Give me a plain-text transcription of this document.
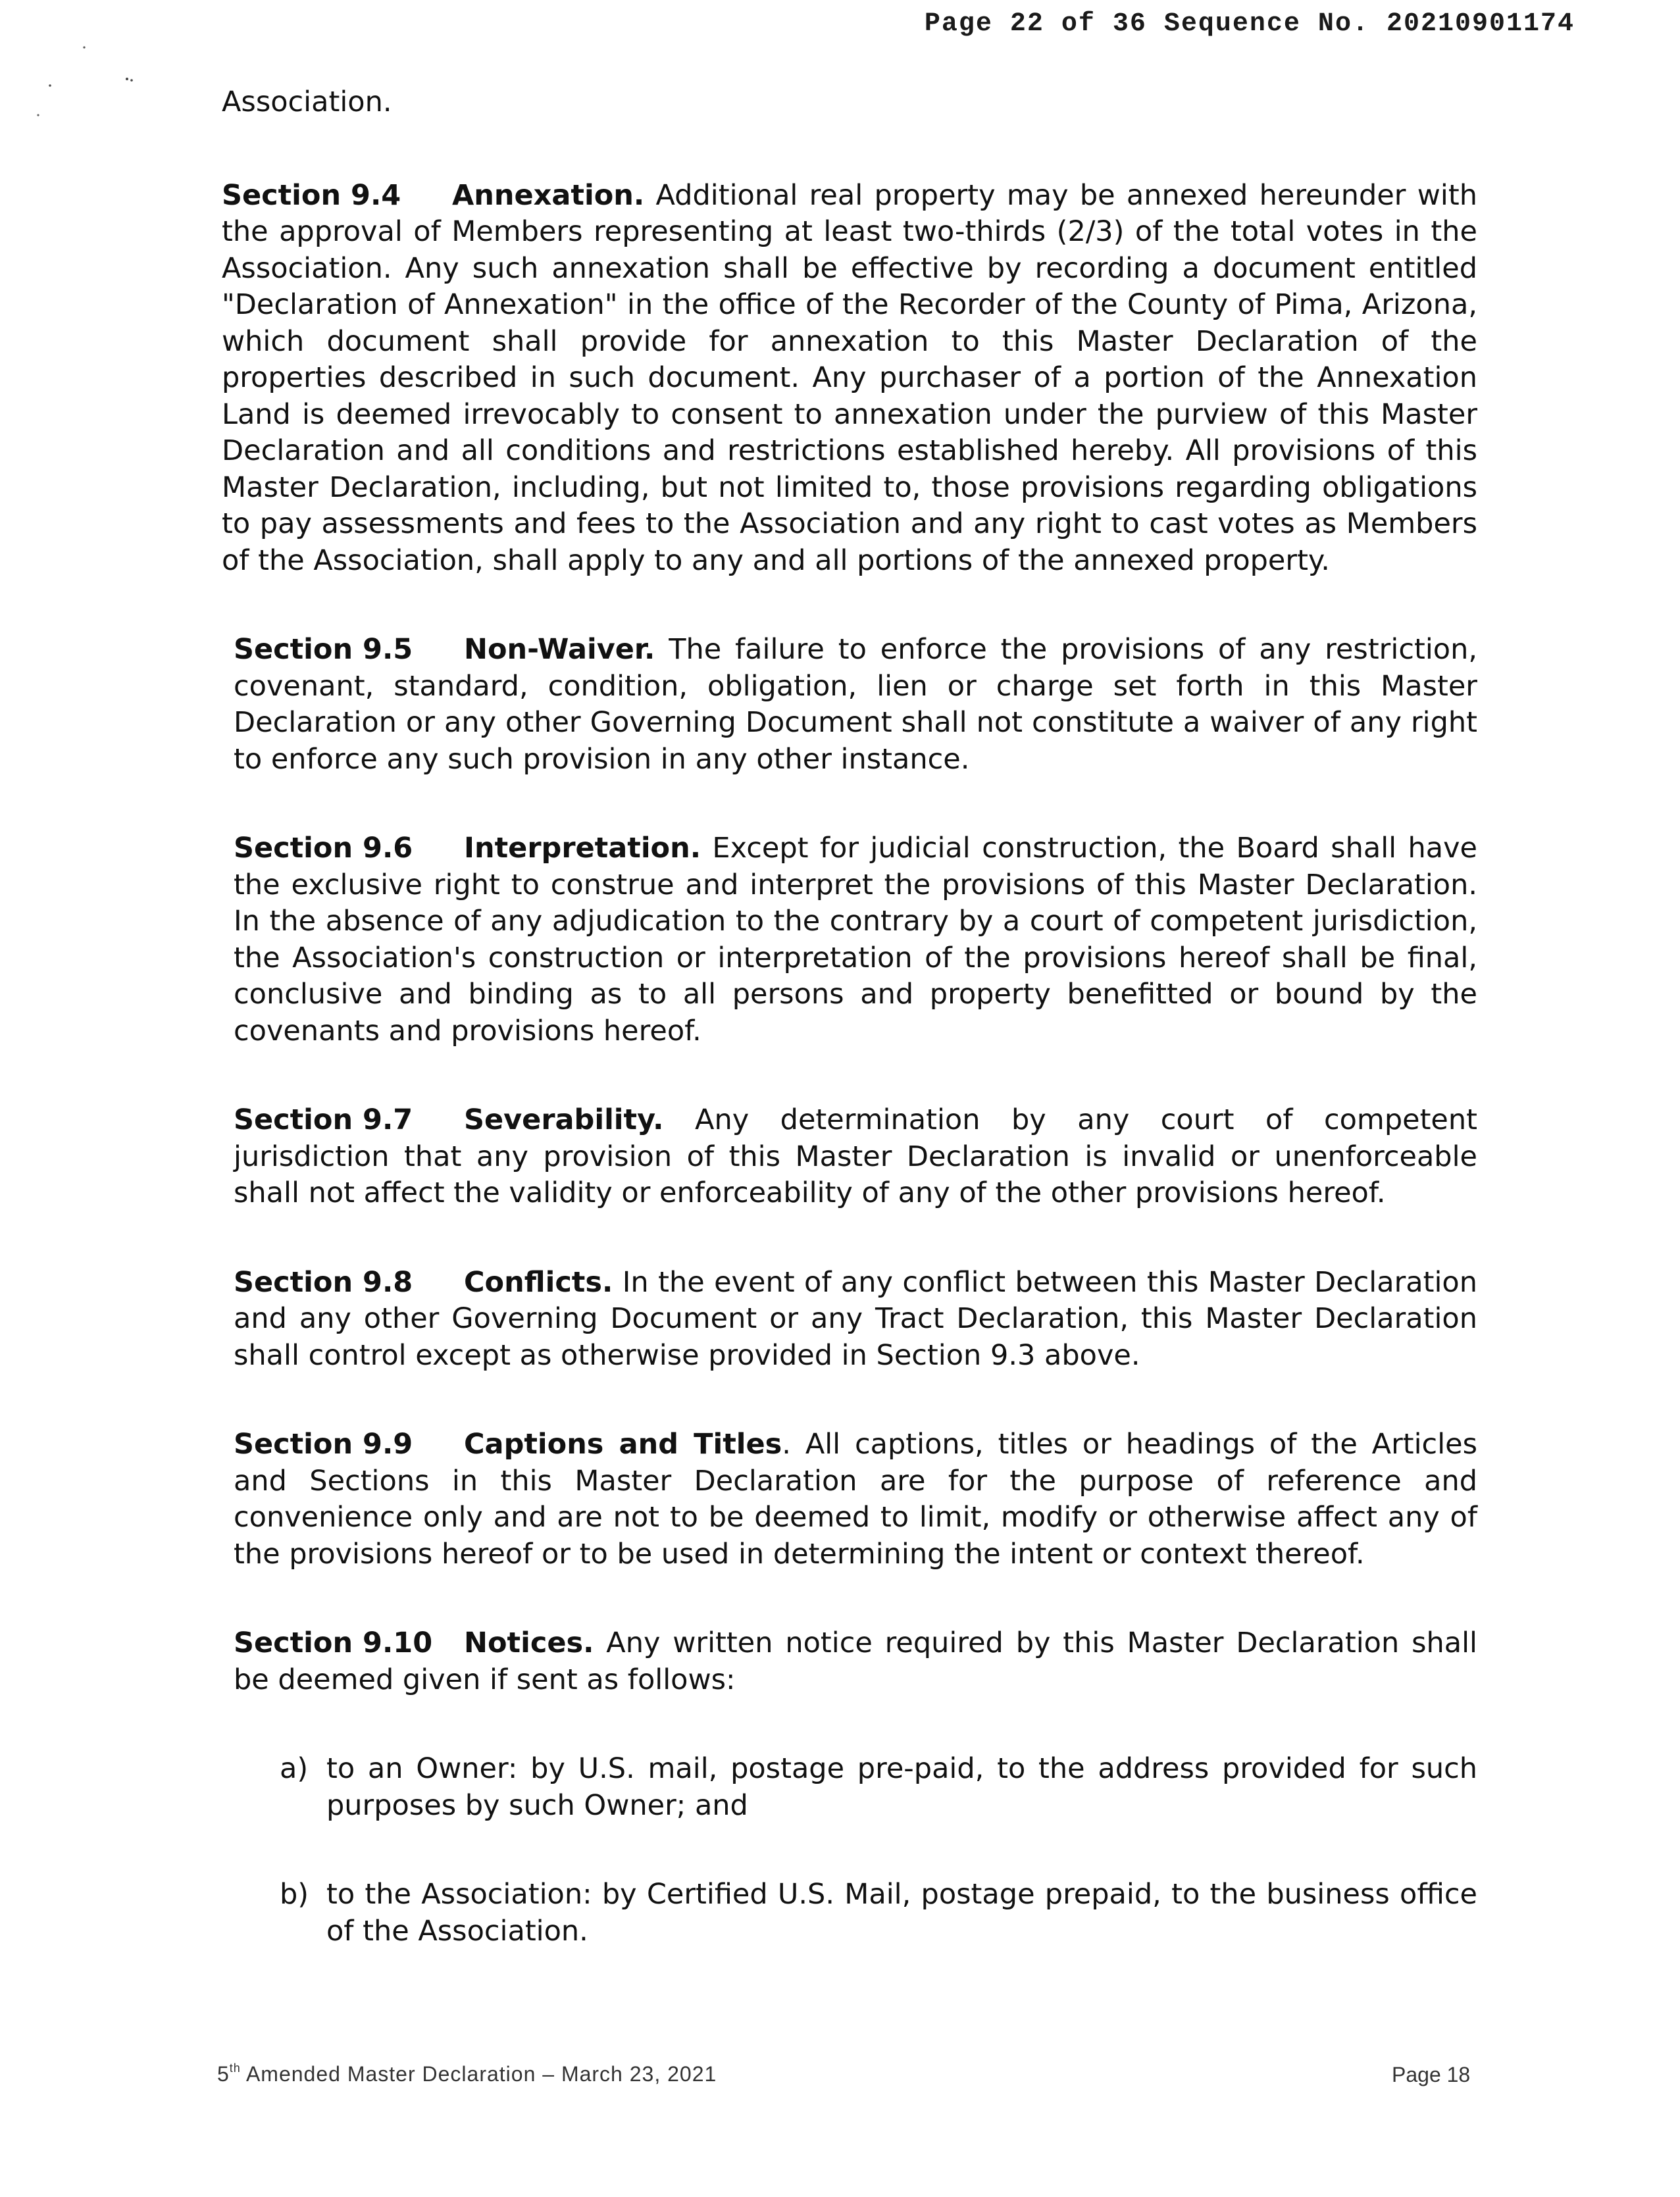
Page 22 of 36 Sequence No. 20210901174

Association.

Section 9.4 Annexation. Additional real property may be annexed hereunder with the approval of Members representing at least two-thirds (2/3) of the total votes in the Association. Any such annexation shall be effective by recording a document entitled "Declaration of Annexation" in the office of the Recorder of the County of Pima, Arizona, which document shall provide for annexation to this Master Declaration of the properties described in such document. Any purchaser of a portion of the Annexation Land is deemed irrevocably to consent to annexation under the purview of this Master Declaration and all conditions and restrictions established hereby. All provisions of this Master Declaration, including, but not limited to, those provisions regarding obligations to pay assessments and fees to the Association and any right to cast votes as Members of the Association, shall apply to any and all portions of the annexed property.

Section 9.5 Non-Waiver. The failure to enforce the provisions of any restriction, covenant, standard, condition, obligation, lien or charge set forth in this Master Declaration or any other Governing Document shall not constitute a waiver of any right to enforce any such provision in any other instance.

Section 9.6 Interpretation. Except for judicial construction, the Board shall have the exclusive right to construe and interpret the provisions of this Master Declaration. In the absence of any adjudication to the contrary by a court of competent jurisdiction, the Association's construction or interpretation of the provisions hereof shall be final, conclusive and binding as to all persons and property benefitted or bound by the covenants and provisions hereof.

Section 9.7 Severability. Any determination by any court of competent jurisdiction that any provision of this Master Declaration is invalid or unenforceable shall not affect the validity or enforceability of any of the other provisions hereof.

Section 9.8 Conflicts. In the event of any conflict between this Master Declaration and any other Governing Document or any Tract Declaration, this Master Declaration shall control except as otherwise provided in Section 9.3 above.

Section 9.9 Captions and Titles. All captions, titles or headings of the Articles and Sections in this Master Declaration are for the purpose of reference and convenience only and are not to be deemed to limit, modify or otherwise affect any of the provisions hereof or to be used in determining the intent or context thereof.

Section 9.10 Notices. Any written notice required by this Master Declaration shall be deemed given if sent as follows:

a) to an Owner: by U.S. mail, postage pre-paid, to the address provided for such purposes by such Owner; and
b) to the Association: by Certified U.S. Mail, postage prepaid, to the business office of the Association.
5th Amended Master Declaration – March 23, 2021	Page 18
